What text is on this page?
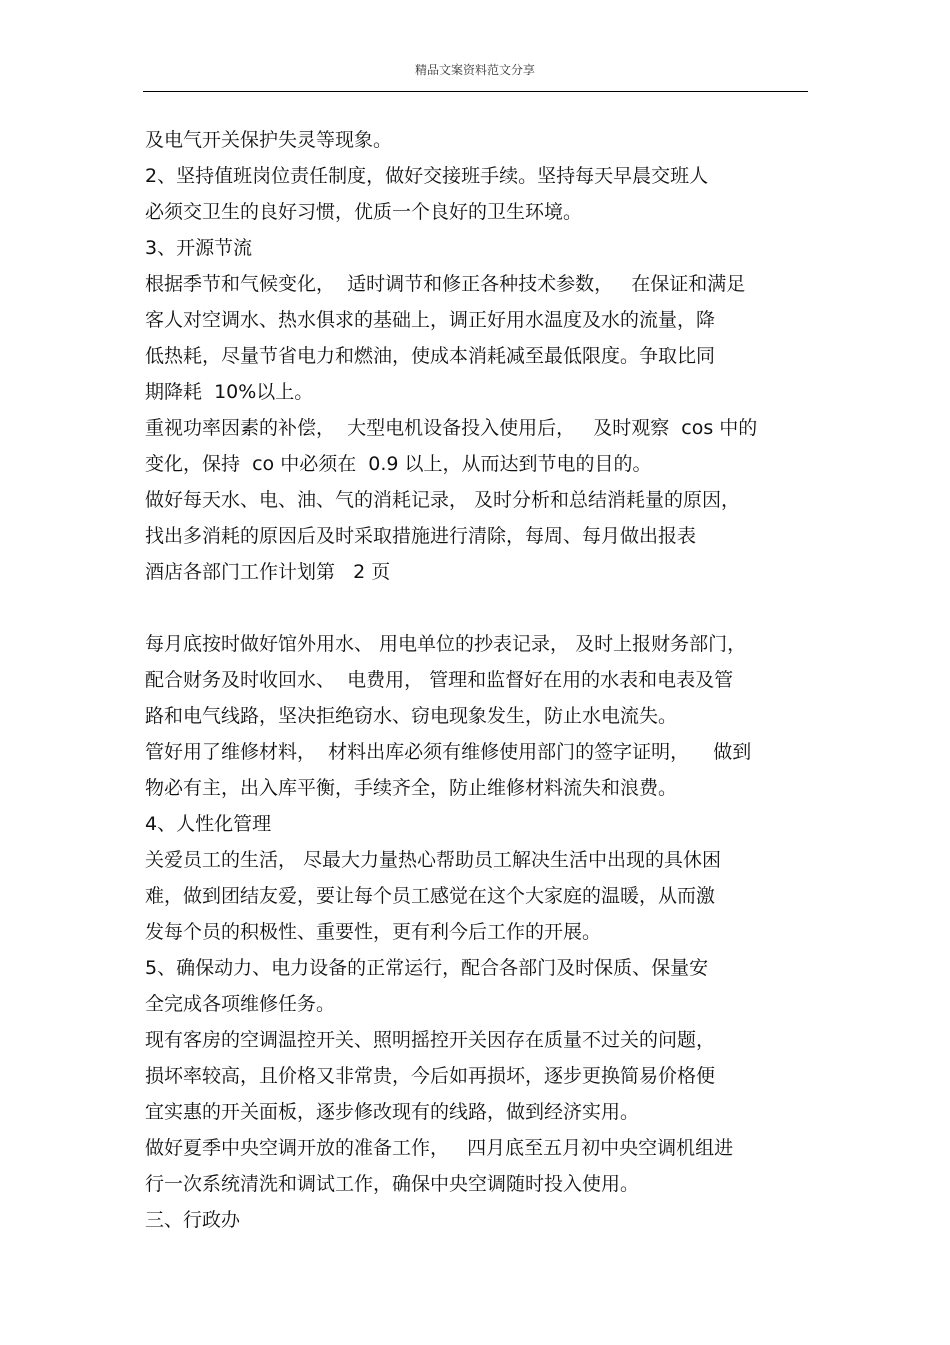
精品文案资料范文分享
及电气开关保护失灵等现象。
2、坚持值班岗位责任制度，做好交接班手续。坚持每天早晨交班人
必须交卫生的良好习惯，优质一个良好的卫生环境。
3、开源节流
根据季节和气候变化，  适时调节和修正各种技术参数，   在保证和满足
客人对空调水、热水俱求的基础上，调正好用水温度及水的流量，降
低热耗，尽量节省电力和燃油，使成本消耗减至最低限度。争取比同
期降耗  10%以上。
重视功率因素的补偿，  大型电机设备投入使用后，   及时观察  cos 中的
变化，保持  co 中必须在  0.9 以上，从而达到节电的目的。
做好每天水、电、油、气的消耗记录， 及时分析和总结消耗量的原因，
找出多消耗的原因后及时采取措施进行清除，每周、每月做出报表
酒店各部门工作计划第   2 页
每月底按时做好馆外用水、 用电单位的抄表记录， 及时上报财务部门，
配合财务及时收回水、  电费用， 管理和监督好在用的水表和电表及管
路和电气线路，坚决拒绝窃水、窃电现象发生，防止水电流失。
管好用了维修材料，  材料出库必须有维修使用部门的签字证明，    做到
物必有主，出入库平衡，手续齐全，防止维修材料流失和浪费。
4、人性化管理
关爱员工的生活， 尽最大力量热心帮助员工解决生活中出现的具休困
难，做到团结友爱，要让每个员工感觉在这个大家庭的温暖，从而激
发每个员的积极性、重要性，更有利今后工作的开展。
5、确保动力、电力设备的正常运行，配合各部门及时保质、保量安
全完成各项维修任务。
现有客房的空调温控开关、照明摇控开关因存在质量不过关的问题，
损坏率较高，且价格又非常贵，今后如再损坏，逐步更换简易价格便
宜实惠的开关面板，逐步修改现有的线路，做到经济实用。
做好夏季中央空调开放的准备工作，   四月底至五月初中央空调机组进
行一次系统清洗和调试工作，确保中央空调随时投入使用。
三、行政办
